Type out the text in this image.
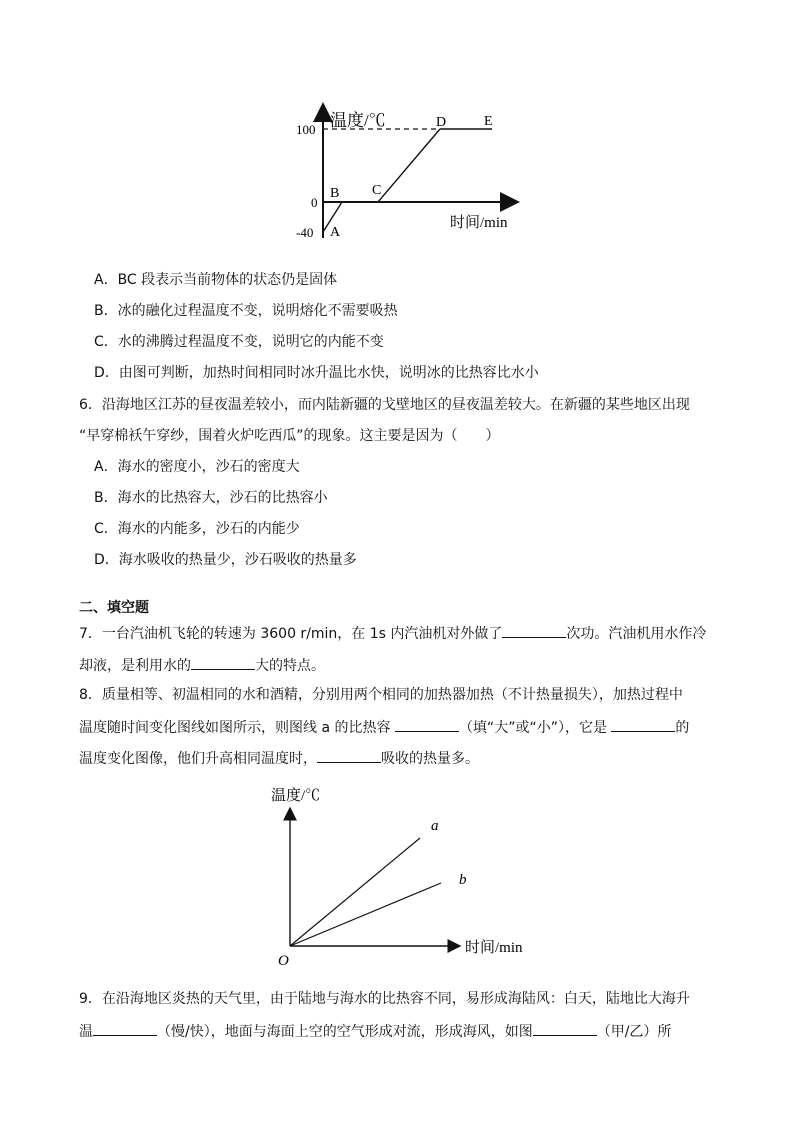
温度/℃
时间/min
100
0
-40 A
B C
D	E
A．BC 段表示当前物体的状态仍是固体
B．冰的融化过程温度不变，说明熔化不需要吸热
C．水的沸腾过程温度不变，说明它的内能不变
D．由图可判断，加热时间相同时冰升温比水快，说明冰的比热容比水小
6．沿海地区江苏的昼夜温差较小，而内陆新疆的戈壁地区的昼夜温差较大。在新疆的某些地区出现
“早穿棉袄午穿纱，围着火炉吃西瓜”的现象。这主要是因为（　　）
A．海水的密度小，沙石的密度大
B．海水的比热容大，沙石的比热容小
C．海水的内能多，沙石的内能少
D．海水吸收的热量少，沙石吸收的热量多
二、填空题
7．一台汽油机飞轮的转速为 3600 r/min，在 1s 内汽油机对外做了	次功。汽油机用水作冷
却液，是利用水的	大的特点。
8．质量相等、初温相同的水和酒精，分别用两个相同的加热器加热（不计热量损失），加热过程中
温度随时间变化图线如图所示，则图线 a 的比热容	（填“大”或“小”），它是	的
温度变化图像，他们升高相同温度时，	吸收的热量多。
温度/℃
时间/min
O
a
b
9．在沿海地区炎热的天气里，由于陆地与海水的比热容不同，易形成海陆风：白天，陆地比大海升
温	（慢/快），地面与海面上空的空气形成对流，形成海风，如图	（甲/乙）所
